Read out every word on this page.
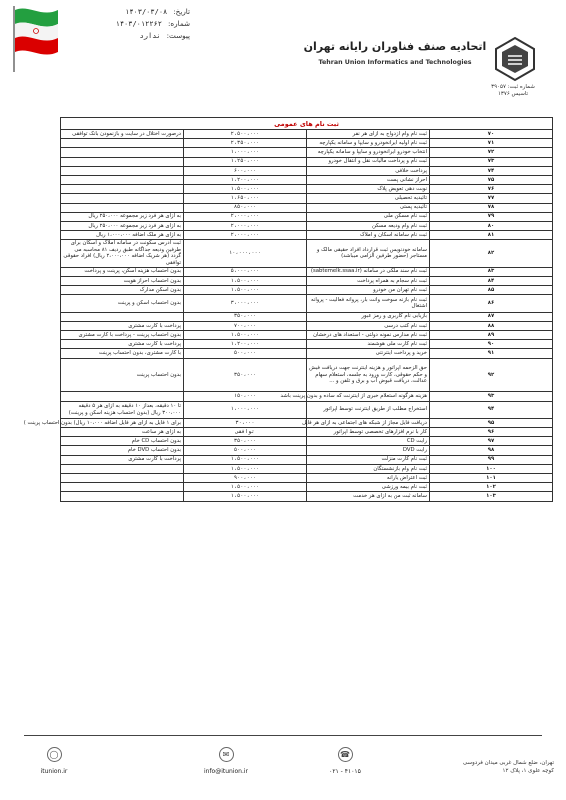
تاریخ:
۱۴۰۳/۰۳/۰۸
شماره:
۱۴۰۳/۰۱۲۲۶۲
پیوست:
ندارد
اتحادیه صنف فناوران رایانه تهران
Tehran Union Informatics and Technologies
شماره ثبت: ۳۹۰۵۷
تاسیس ۱۳۷۶
ثبت نام های عمومی			
۷۰	ثبت نام وام ازدواج به ازای هر نفر	۲،۵۰۰،۰۰۰	درصورت اختلال در سایت و بازنمودن بانک توافقی
۷۱	ثبت نام اولیه ایرانخودرو و سایپا و سامانه یکپارچه	۲،۳۵۰،۰۰۰	
۷۲	انتخاب خودرو ایرانخودرو و سایپا و سامانه یکپارچه	۱،۰۰۰،۰۰۰	
۷۳	ثبت نام و پرداخت مالیات نقل و انتقال خودرو	۱،۲۵۰،۰۰۰	
۷۴	پرداخت خلافی	۶۰۰،۰۰۰	
۷۵	احراز نشانی پست	۱،۲۰۰،۰۰۰	
۷۶	نوبت دهی تعویض پلاک	۱،۵۰۰،۰۰۰	
۷۷	تائیدیه تحصیلی	۱،۶۵۰،۰۰۰	
۷۸	تائیدیه پستی	۸۵۰،۰۰۰	
۷۹	ثبت نام مسکن ملی	۲،۰۰۰،۰۰۰	به ازای هر فرد زیر مجموعه ۲۵۰،۰۰۰ ریال
۸۰	ثبت نام وام ودیعه مسکن	۲،۰۰۰،۰۰۰	به ازای هر فرد زیر مجموعه ۲۵۰،۰۰۰ ریال
۸۱	ثبت نام سامانه اسکان و املاک	۲،۰۰۰،۰۰۰	به ازای هر ملک اضافه ۱،۰۰۰،۰۰۰ ریال
۸۲	سامانه خودنویس ثبت قرارداد افراد حقیقی مالک و مستاجر (حضور طرفین الزامی میباشد)	۱۰،۰۰۰،۰۰۰	ثبت آدرس سکونت در سامانه املاک و اسکان برای طرفین ودیعه جداگانه طبق ردیف ۸۱ محاسبه می گردد (هر شریک اضافه ۲،۰۰۰،۰۰۰ ریال) افراد حقوقی توافقی
۸۳	ثبت نام سند ملکی در سامانه (sabtemelk.ssaa.ir)	۵،۰۰۰،۰۰۰	بدون احتساب هزینه اسکن، پرینت و پرداخت
۸۴	ثبت نام سجام به همراه پرداخت	۱،۵۰۰،۰۰۰	بدون احتساب احراز هویت
۸۵	ثبت نام تهران من خودرو	۱،۵۰۰،۰۰۰	بدون اسکن مدارک
۸۶	ثبت نام بازنه سوخت وانت بار، پروانه فعالیت - پروانه اشتغال	۳،۰۰۰،۰۰۰	بدون احتساب اسکن و پرینت
۸۷	بازیابی نام کاربری و رمز عبور	۳۵۰،۰۰۰	
۸۸	ثبت نام کتب درسی	۷۰۰،۰۰۰	پرداخت با کارت مشتری
۸۹	ثبت نام مدارس نمونه دولتی - استعداد های درخشان	۱،۵۰۰،۰۰۰	بدون احتساب پرینت - پرداخت با کارت مشتری
۹۰	ثبت نام کارت ملی هوشمند	۱،۲۰۰،۰۰۰	پرداخت با کارت مشتری
۹۱	خرید و پرداخت اینترنتی	۵۰۰،۰۰۰	با کارت مشتری، بدون احتساب پرینت
۹۲	حق الزحمه اپراتور و هزینه اینترنت جهت دریافت فیش و حکم حقوقی، کارت ورود به جلسه، استعلام سهام عدالت، دریافت قبوض آب و برق و تلفن و ...	۳۵۰،۰۰۰	بدون احتساب پرینت
۹۳	هزینه هرگونه استعلام خبری از اینترنت که ساده و بدون پرینت باشد	۱۵۰،۰۰۰	
۹۴	استخراج مطلب از طریق اینترنت توسط اپراتور	۱،۰۰۰،۰۰۰	تا ۱۰ دقیقه، بعداز ۱۰ دقیقه به ازای هر ۵ دقیقه ۳۰۰،۰۰۰ ریال (بدون احتساب هزینه اسکن و پرینت)
۹۵	دریافت فایل مجاز از شبکه های اجتماعی به ازای هر فایل	۳۰،۰۰۰	برای ۱ فایل به ازای هر فایل اضافه ۱۰،۰۰۰ ریال) بدون احتساب پرینت )
۹۶	کار با نرم افزارهای تخصصی توسط اپراتور	توافقی	به ازای هر ساعت
۹۷	رایت CD	۳۵۰،۰۰۰	بدون احتساب CD خام
۹۸	رایت DVD	۵۰۰،۰۰۰	بدون احتساب DVD خام
۹۹	ثبت نام کارت منزلت	۱،۵۰۰،۰۰۰	پرداخت با کارت مشتری
۱۰۰	ثبت نام وام بازنشستگان	۱،۵۰۰،۰۰۰	
۱۰۱	ثبت اعتراض یارانه	۹۰۰،۰۰۰	
۱۰۲	ثبت نام بیمه ورزشی	۱،۵۰۰،۰۰۰	
۱۰۳	سامانه ثبت من به ازای هر خدمت	۱،۵۰۰،۰۰۰	
◯
itunion.ir
✉
info@itunion.ir
☎
۰۲۱ - ۴۱۰۱۵
تهران، ضلع شمال غربی میدان فردوسی
کوچه علوی ۱، پلاک ۱۲
